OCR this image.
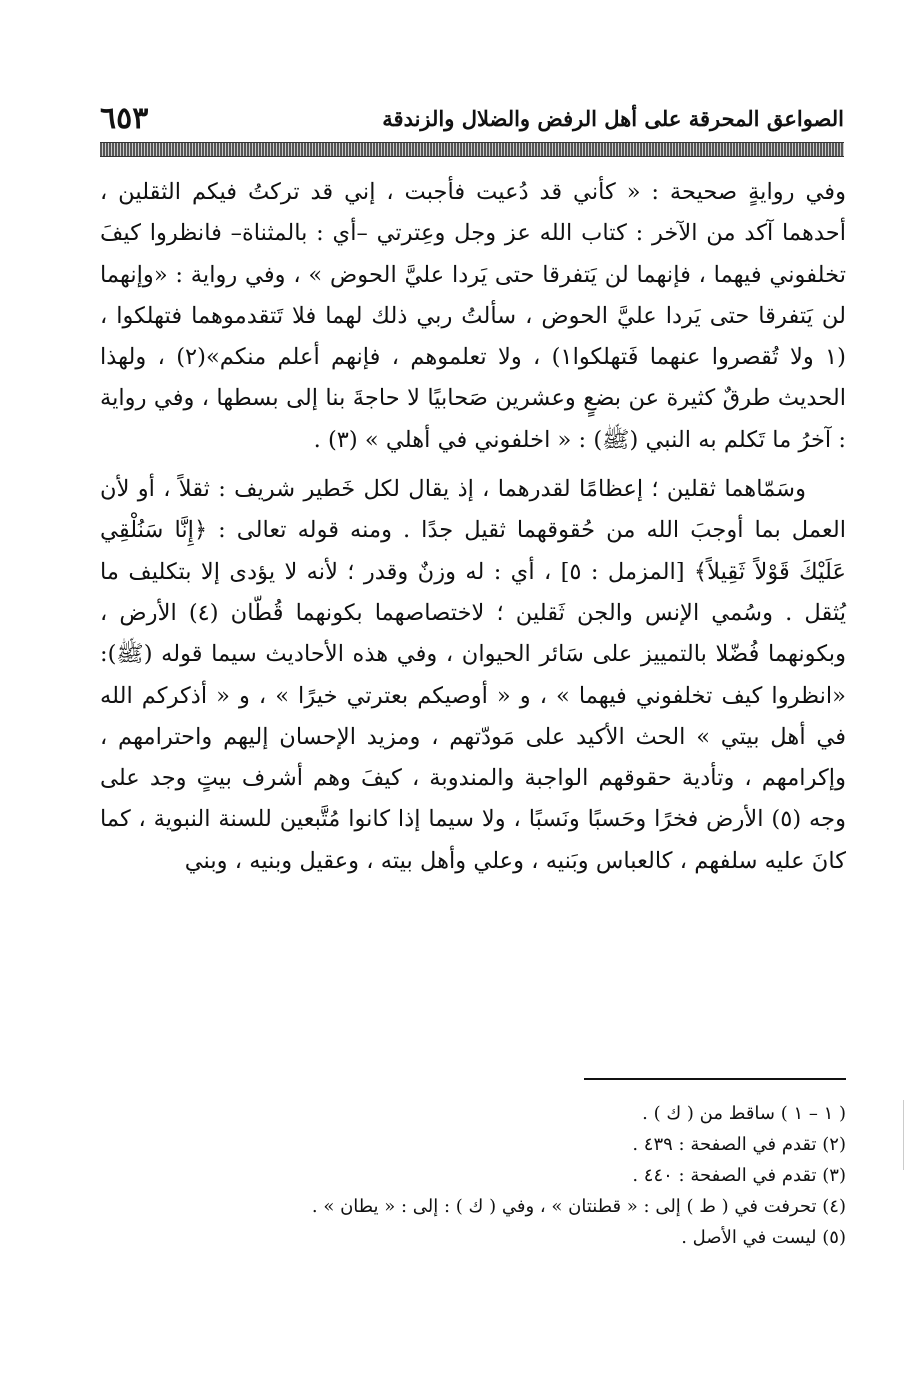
الصواعق المحرقة على أهل الرفض والضلال والزندقة
٦٥٣

وفي روايةٍ صحيحة : « كأني قد دُعيت فأجبت ، إني قد تركتُ فيكم الثقلين ، أحدهما آكد من الآخر : كتاب الله عز وجل وعِترتي –أي : بالمثناة– فانظروا كيفَ تخلفوني فيهما ، فإنهما لن يَتفرقا حتى يَردا عليَّ الحوض » ، وفي رواية : «وإنهما لن يَتفرقا حتى يَردا عليَّ الحوض ، سألتُ ربي ذلك لهما فلا تَتقدموهما فتهلكوا ، (١ ولا تُقصروا عنهما فَتهلكوا١) ، ولا تعلموهم ، فإنهم أعلم منكم»(٢) ، ولهذا الحديث طرقٌ كثيرة عن بضعٍ وعشرين صَحابيًا لا حاجةَ بنا إلى بسطها ، وفي رواية : آخرُ ما تَكلم به النبي (ﷺ) : « اخلفوني في أهلي » (٣) .

وسَمّاهما ثقلين ؛ إعظامًا لقدرهما ، إذ يقال لكل خَطير شريف : ثقلاً ، أو لأن العمل بما أوجبَ الله من حُقوقهما ثقيل جدًا . ومنه قوله تعالى : ﴿إِنَّا سَنُلْقِي عَلَيْكَ قَوْلاً ثَقِيلاً﴾ [المزمل : ٥] ، أي : له وزنٌ وقدر ؛ لأنه لا يؤدى إلا بتكليف ما يُثقل . وسُمي الإنس والجن ثَقلين ؛ لاختصاصهما بكونهما قُطّان (٤) الأرض ، وبكونهما فُضّلا بالتمييز على سَائر الحيوان ، وفي هذه الأحاديث سيما قوله (ﷺ): «انظروا كيف تخلفوني فيهما » ، و « أوصيكم بعترتي خيرًا » ، و « أذكركم الله في أهل بيتي » الحث الأكيد على مَودّتهم ، ومزيد الإحسان إليهم واحترامهم ، وإكرامهم ، وتأدية حقوقهم الواجبة والمندوبة ، كيفَ وهم أشرف بيتٍ وجد على وجه (٥) الأرض فخرًا وحَسبًا ونَسبًا ، ولا سيما إذا كانوا مُتَّبعين للسنة النبوية ، كما كانَ عليه سلفهم ، كالعباس وبَنيه ، وعلي وأهل بيته ، وعقيل وبنيه ، وبني

( ١ – ١ ) ساقط من ( ك ) .
(٢) تقدم في الصفحة : ٤٣٩ .
(٣) تقدم في الصفحة : ٤٤٠ .
(٤) تحرفت في ( ط ) إلى : « قطنتان » ، وفي ( ك ) : إلى : « يطان » .
(٥) ليست في الأصل .
